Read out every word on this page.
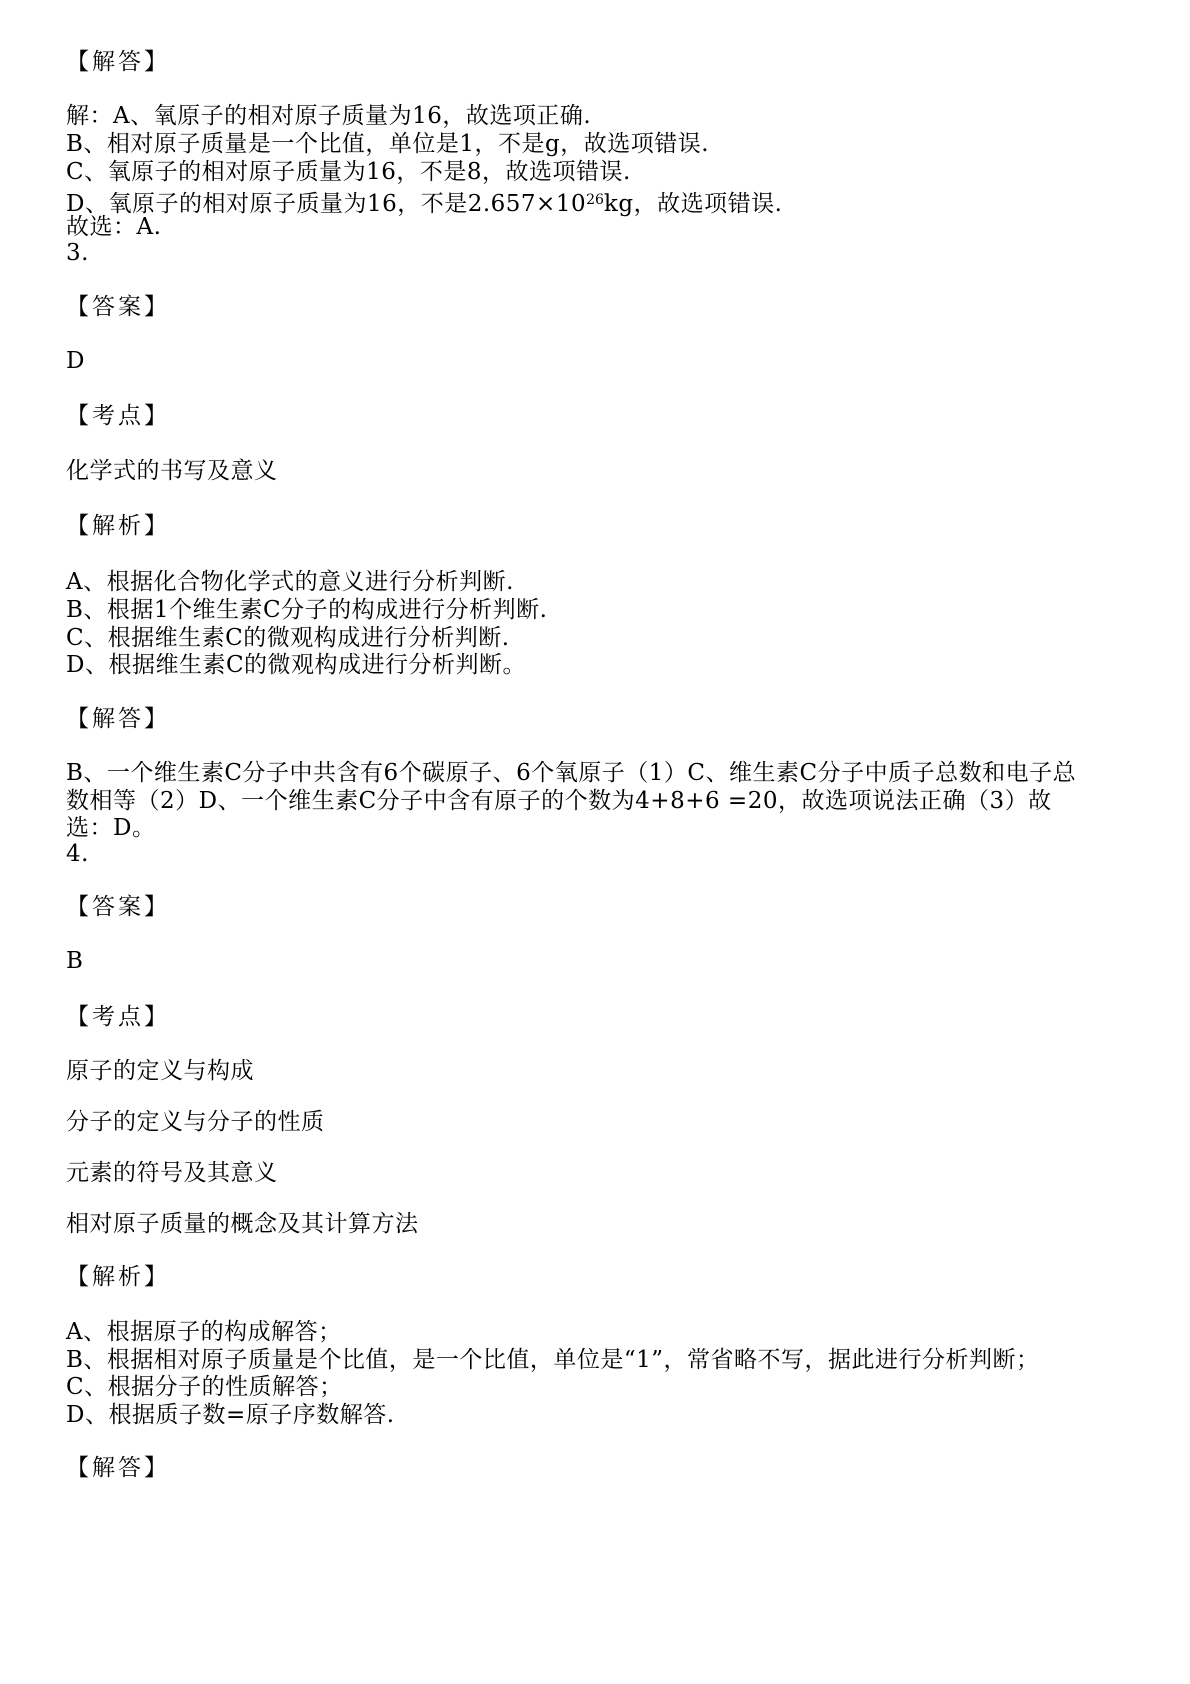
【解答】
解：A、氧原子的相对原子质量为16，故选项正确.
B、相对原子质量是一个比值，单位是1，不是g，故选项错误.
C、氧原子的相对原子质量为16，不是8，故选项错误.
D、氧原子的相对原子质量为16，不是$2.657\times 10^{26}kg$，故选项错误.
故选：A.
3.
【答案】
D
【考点】
化学式的书写及意义
【解析】
A、根据化合物化学式的意义进行分析判断.
B、根据1个维生素C分子的构成进行分析判断.
C、根据维生素C的微观构成进行分析判断.
D、根据维生素C的微观构成进行分析判断。
【解答】
B、一个维生素C分子中共含有6个碳原子、6个氧原子（1）C、维生素C分子中质子总数和电子总
数相等（2）D、一个维生素C分子中含有原子的个数为4+8+6 =20，故选项说法正确（3）故
选：D。
4.
【答案】
B
【考点】
原子的定义与构成
分子的定义与分子的性质
元素的符号及其意义
相对原子质量的概念及其计算方法
【解析】
A、根据原子的构成解答；
B、根据相对原子质量是个比值，是一个比值，单位是“1”，常省略不写，据此进行分析判断；
C、根据分子的性质解答；
D、根据质子数=原子序数解答.
【解答】
